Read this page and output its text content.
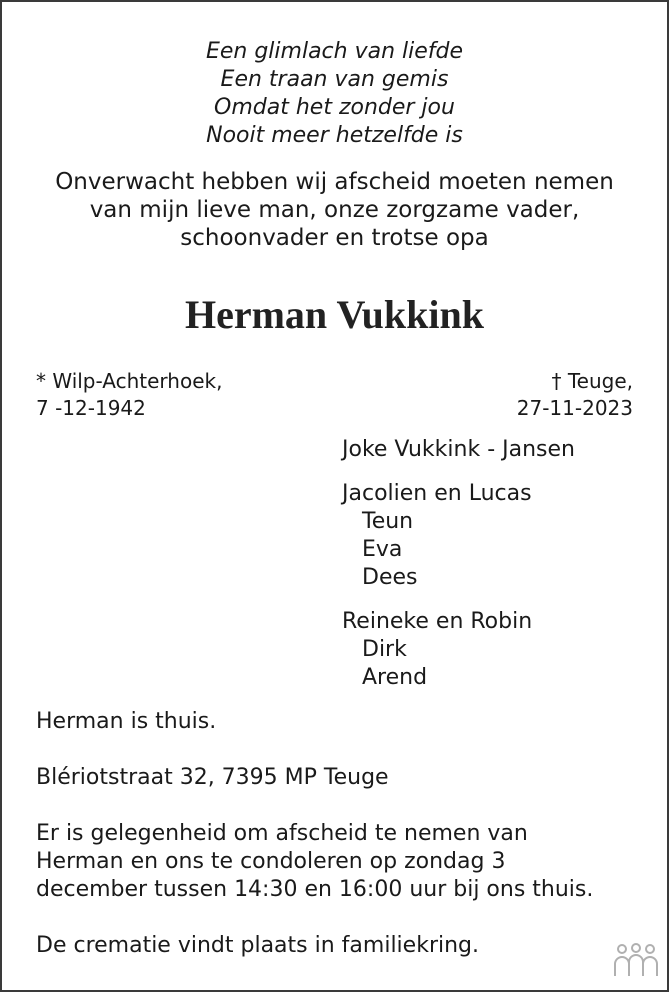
Een glimlach van liefde
Een traan van gemis
Omdat het zonder jou
Nooit meer hetzelfde is
Onverwacht hebben wij afscheid moeten nemen
van mijn lieve man, onze zorgzame vader,
schoonvader en trotse opa
Herman Vukkink
* Wilp-Achterhoek,
7 -12-1942
† Teuge,
27-11-2023
Joke Vukkink - Jansen
Jacolien en Lucas
Teun
Eva
Dees
Reineke en Robin
Dirk
Arend

Herman is thuis.

Blériotstraat 32, 7395 MP Teuge

Er is gelegenheid om afscheid te nemen van
Herman en ons te condoleren op zondag 3
december tussen 14:30 en 16:00 uur bij ons thuis.

De crematie vindt plaats in familiekring.
